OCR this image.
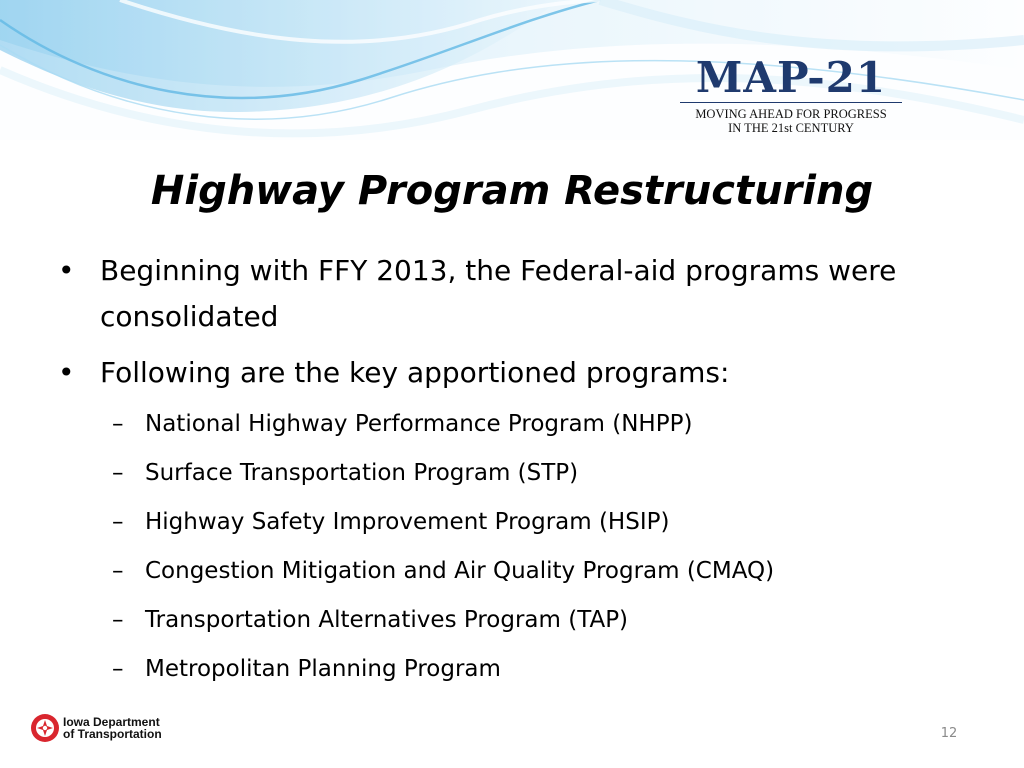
MAP-21
MOVING AHEAD FOR PROGRESS
IN THE 21st CENTURY
Highway Program Restructuring
• Beginning with FFY 2013, the Federal-aid programs were consolidated
• Following are the key apportioned programs:
– National Highway Performance Program (NHPP)
– Surface Transportation Program (STP)
– Highway Safety Improvement Program (HSIP)
– Congestion Mitigation and Air Quality Program (CMAQ)
– Transportation Alternatives Program (TAP)
– Metropolitan Planning Program
Iowa Department
of Transportation	12
